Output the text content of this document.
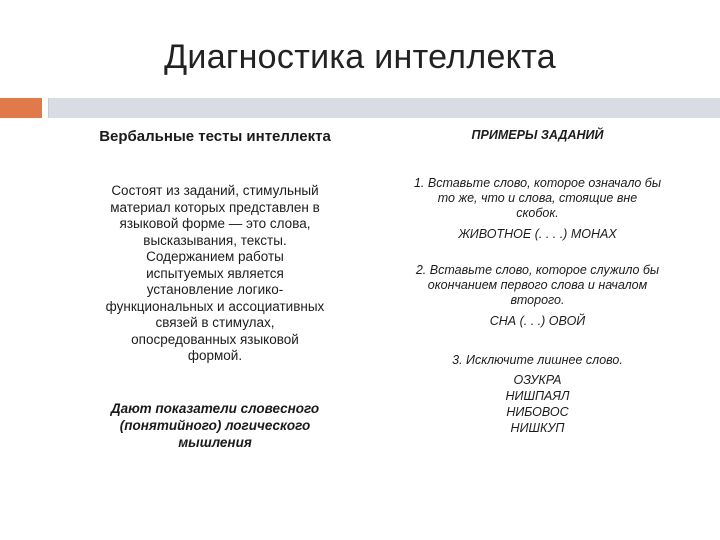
Диагностика интеллекта
Вербальные тесты интеллекта
Состоят из заданий, стимульный
материал которых представлен в
языковой форме — это слова,
высказывания, тексты.
Содержанием работы
испытуемых является
установление логико-
функциональных и ассоциативных
связей в стимулах,
опосредованных языковой
формой.
Дают показатели словесного
(понятийного) логического
мышления
ПРИМЕРЫ ЗАДАНИЙ
1. Вставьте слово, которое означало бы
то же, что и слова, стоящие вне
скобок.
ЖИВОТНОЕ (. . . .) МОНАХ
2. Вставьте слово, которое служило бы
окончанием первого слова и началом
второго.
СНА (. . .) ОВОЙ
3. Исключите лишнее слово.
ОЗУКРА
НИШПАЯЛ
НИБОВОС
НИШКУП
